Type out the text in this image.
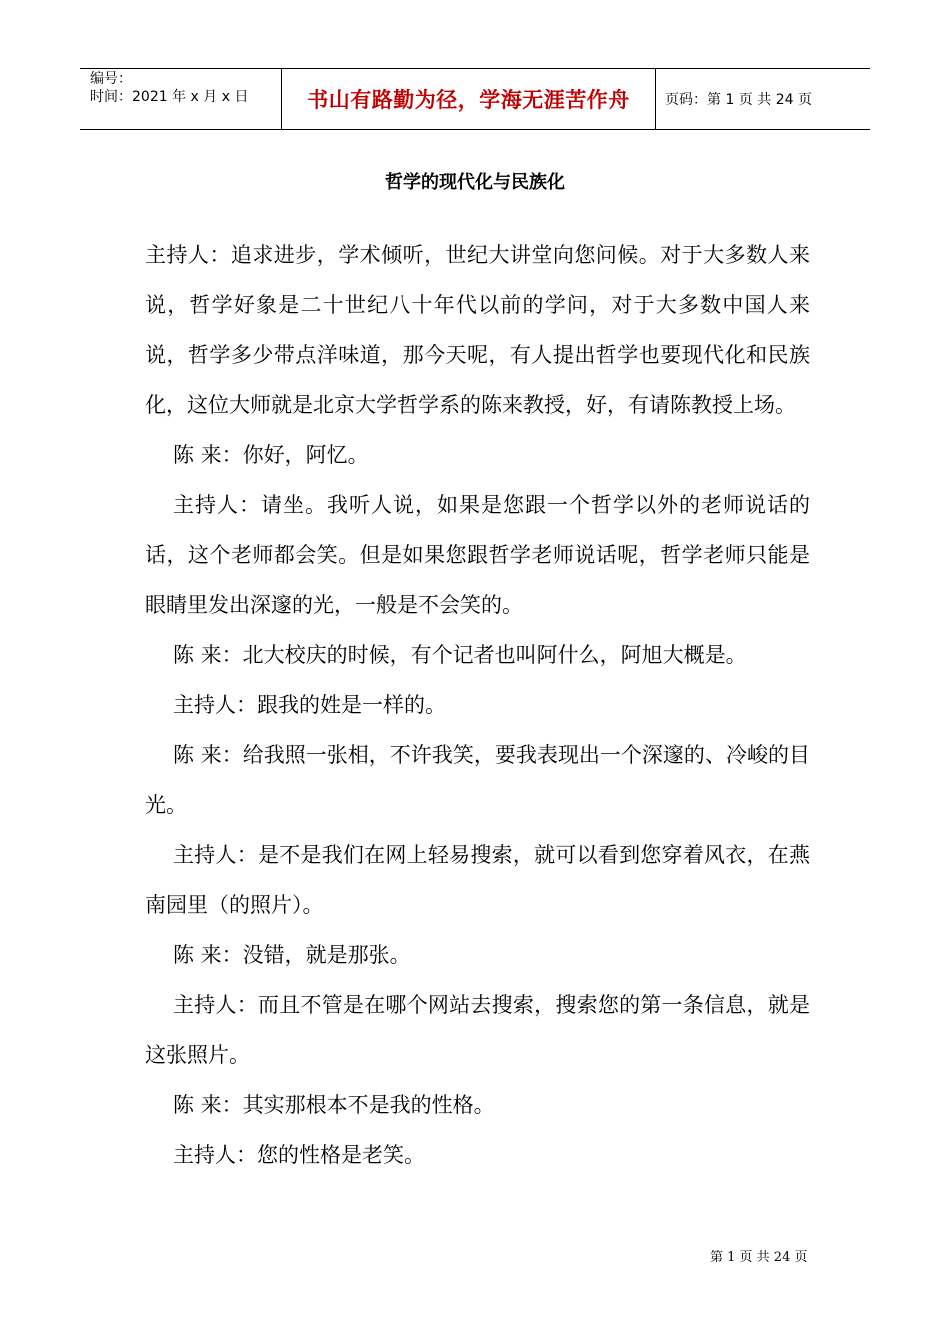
编号：
时间：2021 年 x 月 x 日	书山有路勤为径，学海无涯苦作舟	页码：第 1 页 共 24 页
哲学的现代化与民族化

主持人：追求进步，学术倾听，世纪大讲堂向您问候。对于大多数人来说，哲学好象是二十世纪八十年代以前的学问，对于大多数中国人来说，哲学多少带点洋味道，那今天呢，有人提出哲学也要现代化和民族化，这位大师就是北京大学哲学系的陈来教授，好，有请陈教授上场。

陈 来：你好，阿忆。

主持人：请坐。我听人说，如果是您跟一个哲学以外的老师说话的话，这个老师都会笑。但是如果您跟哲学老师说话呢，哲学老师只能是眼睛里发出深邃的光，一般是不会笑的。

陈 来：北大校庆的时候，有个记者也叫阿什么，阿旭大概是。

主持人：跟我的姓是一样的。

陈 来：给我照一张相，不许我笑，要我表现出一个深邃的、冷峻的目光。

主持人：是不是我们在网上轻易搜索，就可以看到您穿着风衣，在燕南园里（的照片）。

陈 来：没错，就是那张。

主持人：而且不管是在哪个网站去搜索，搜索您的第一条信息，就是这张照片。

陈 来：其实那根本不是我的性格。

主持人：您的性格是老笑。

第 1 页 共 24 页
